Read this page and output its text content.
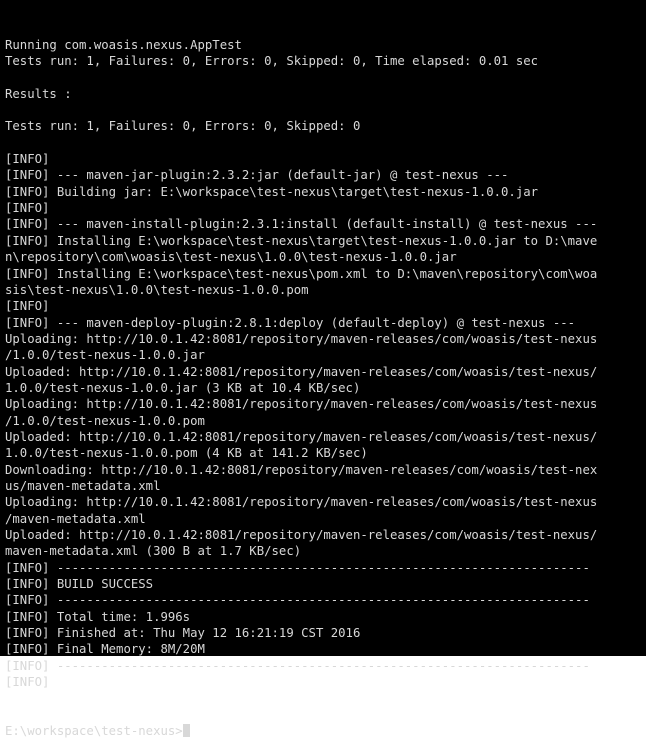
Running com.woasis.nexus.AppTest
Tests run: 1, Failures: 0, Errors: 0, Skipped: 0, Time elapsed: 0.01 sec

Results :

Tests run: 1, Failures: 0, Errors: 0, Skipped: 0

[INFO]
[INFO] --- maven-jar-plugin:2.3.2:jar (default-jar) @ test-nexus ---
[INFO] Building jar: E:\workspace\test-nexus\target\test-nexus-1.0.0.jar
[INFO]
[INFO] --- maven-install-plugin:2.3.1:install (default-install) @ test-nexus ---
[INFO] Installing E:\workspace\test-nexus\target\test-nexus-1.0.0.jar to D:\mave
n\repository\com\woasis\test-nexus\1.0.0\test-nexus-1.0.0.jar
[INFO] Installing E:\workspace\test-nexus\pom.xml to D:\maven\repository\com\woa
sis\test-nexus\1.0.0\test-nexus-1.0.0.pom
[INFO]
[INFO] --- maven-deploy-plugin:2.8.1:deploy (default-deploy) @ test-nexus ---
Uploading: http://10.0.1.42:8081/repository/maven-releases/com/woasis/test-nexus
/1.0.0/test-nexus-1.0.0.jar
Uploaded: http://10.0.1.42:8081/repository/maven-releases/com/woasis/test-nexus/
1.0.0/test-nexus-1.0.0.jar (3 KB at 10.4 KB/sec)
Uploading: http://10.0.1.42:8081/repository/maven-releases/com/woasis/test-nexus
/1.0.0/test-nexus-1.0.0.pom
Uploaded: http://10.0.1.42:8081/repository/maven-releases/com/woasis/test-nexus/
1.0.0/test-nexus-1.0.0.pom (4 KB at 141.2 KB/sec)
Downloading: http://10.0.1.42:8081/repository/maven-releases/com/woasis/test-nex
us/maven-metadata.xml
Uploading: http://10.0.1.42:8081/repository/maven-releases/com/woasis/test-nexus
/maven-metadata.xml
Uploaded: http://10.0.1.42:8081/repository/maven-releases/com/woasis/test-nexus/
maven-metadata.xml (300 B at 1.7 KB/sec)
[INFO] ------------------------------------------------------------------------
[INFO] BUILD SUCCESS
[INFO] ------------------------------------------------------------------------
[INFO] Total time: 1.996s
[INFO] Finished at: Thu May 12 16:21:19 CST 2016
[INFO] Final Memory: 8M/20M
[INFO] ------------------------------------------------------------------------
[INFO]

E:\workspace\test-nexus>
